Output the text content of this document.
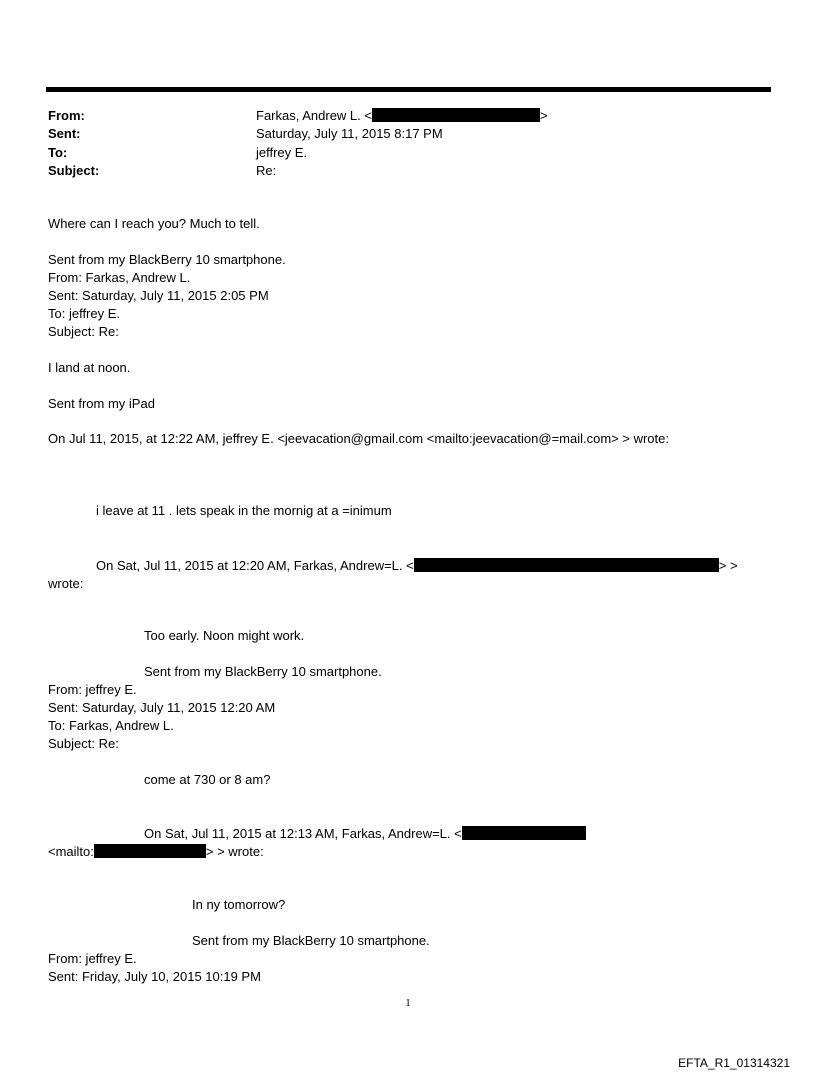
From:	Farkas, Andrew L. <	>
Sent:	Saturday, July 11, 2015 8:17 PM
To:	jeffrey E.
Subject:	Re:
Where can I reach you? Much to tell.
Sent from my BlackBerry 10 smartphone.
From: Farkas, Andrew L.
Sent: Saturday, July 11, 2015 2:05 PM
To: jeffrey E.
Subject: Re:
I land at noon.
Sent from my iPad
On Jul 11, 2015, at 12:22 AM, jeffrey E. <jeevacation@gmail.com <mailto:jeevacation@=mail.com> > wrote:
i leave at 11 . lets speak in the mornig at a =inimum
On Sat, Jul 11, 2015 at 12:20 AM, Farkas, Andrew=L. <	> >
wrote:
Too early. Noon might work.
Sent from my BlackBerry 10 smartphone.
From: jeffrey E.
Sent: Saturday, July 11, 2015 12:20 AM
To: Farkas, Andrew L.
Subject: Re:
come at 730 or 8 am?
On Sat, Jul 11, 2015 at 12:13 AM, Farkas, Andrew=L. <
<mailto:	> > wrote:
In ny tomorrow?
Sent from my BlackBerry 10 smartphone.
From: jeffrey E.
Sent: Friday, July 10, 2015 10:19 PM
1
EFTA_R1_01314321
